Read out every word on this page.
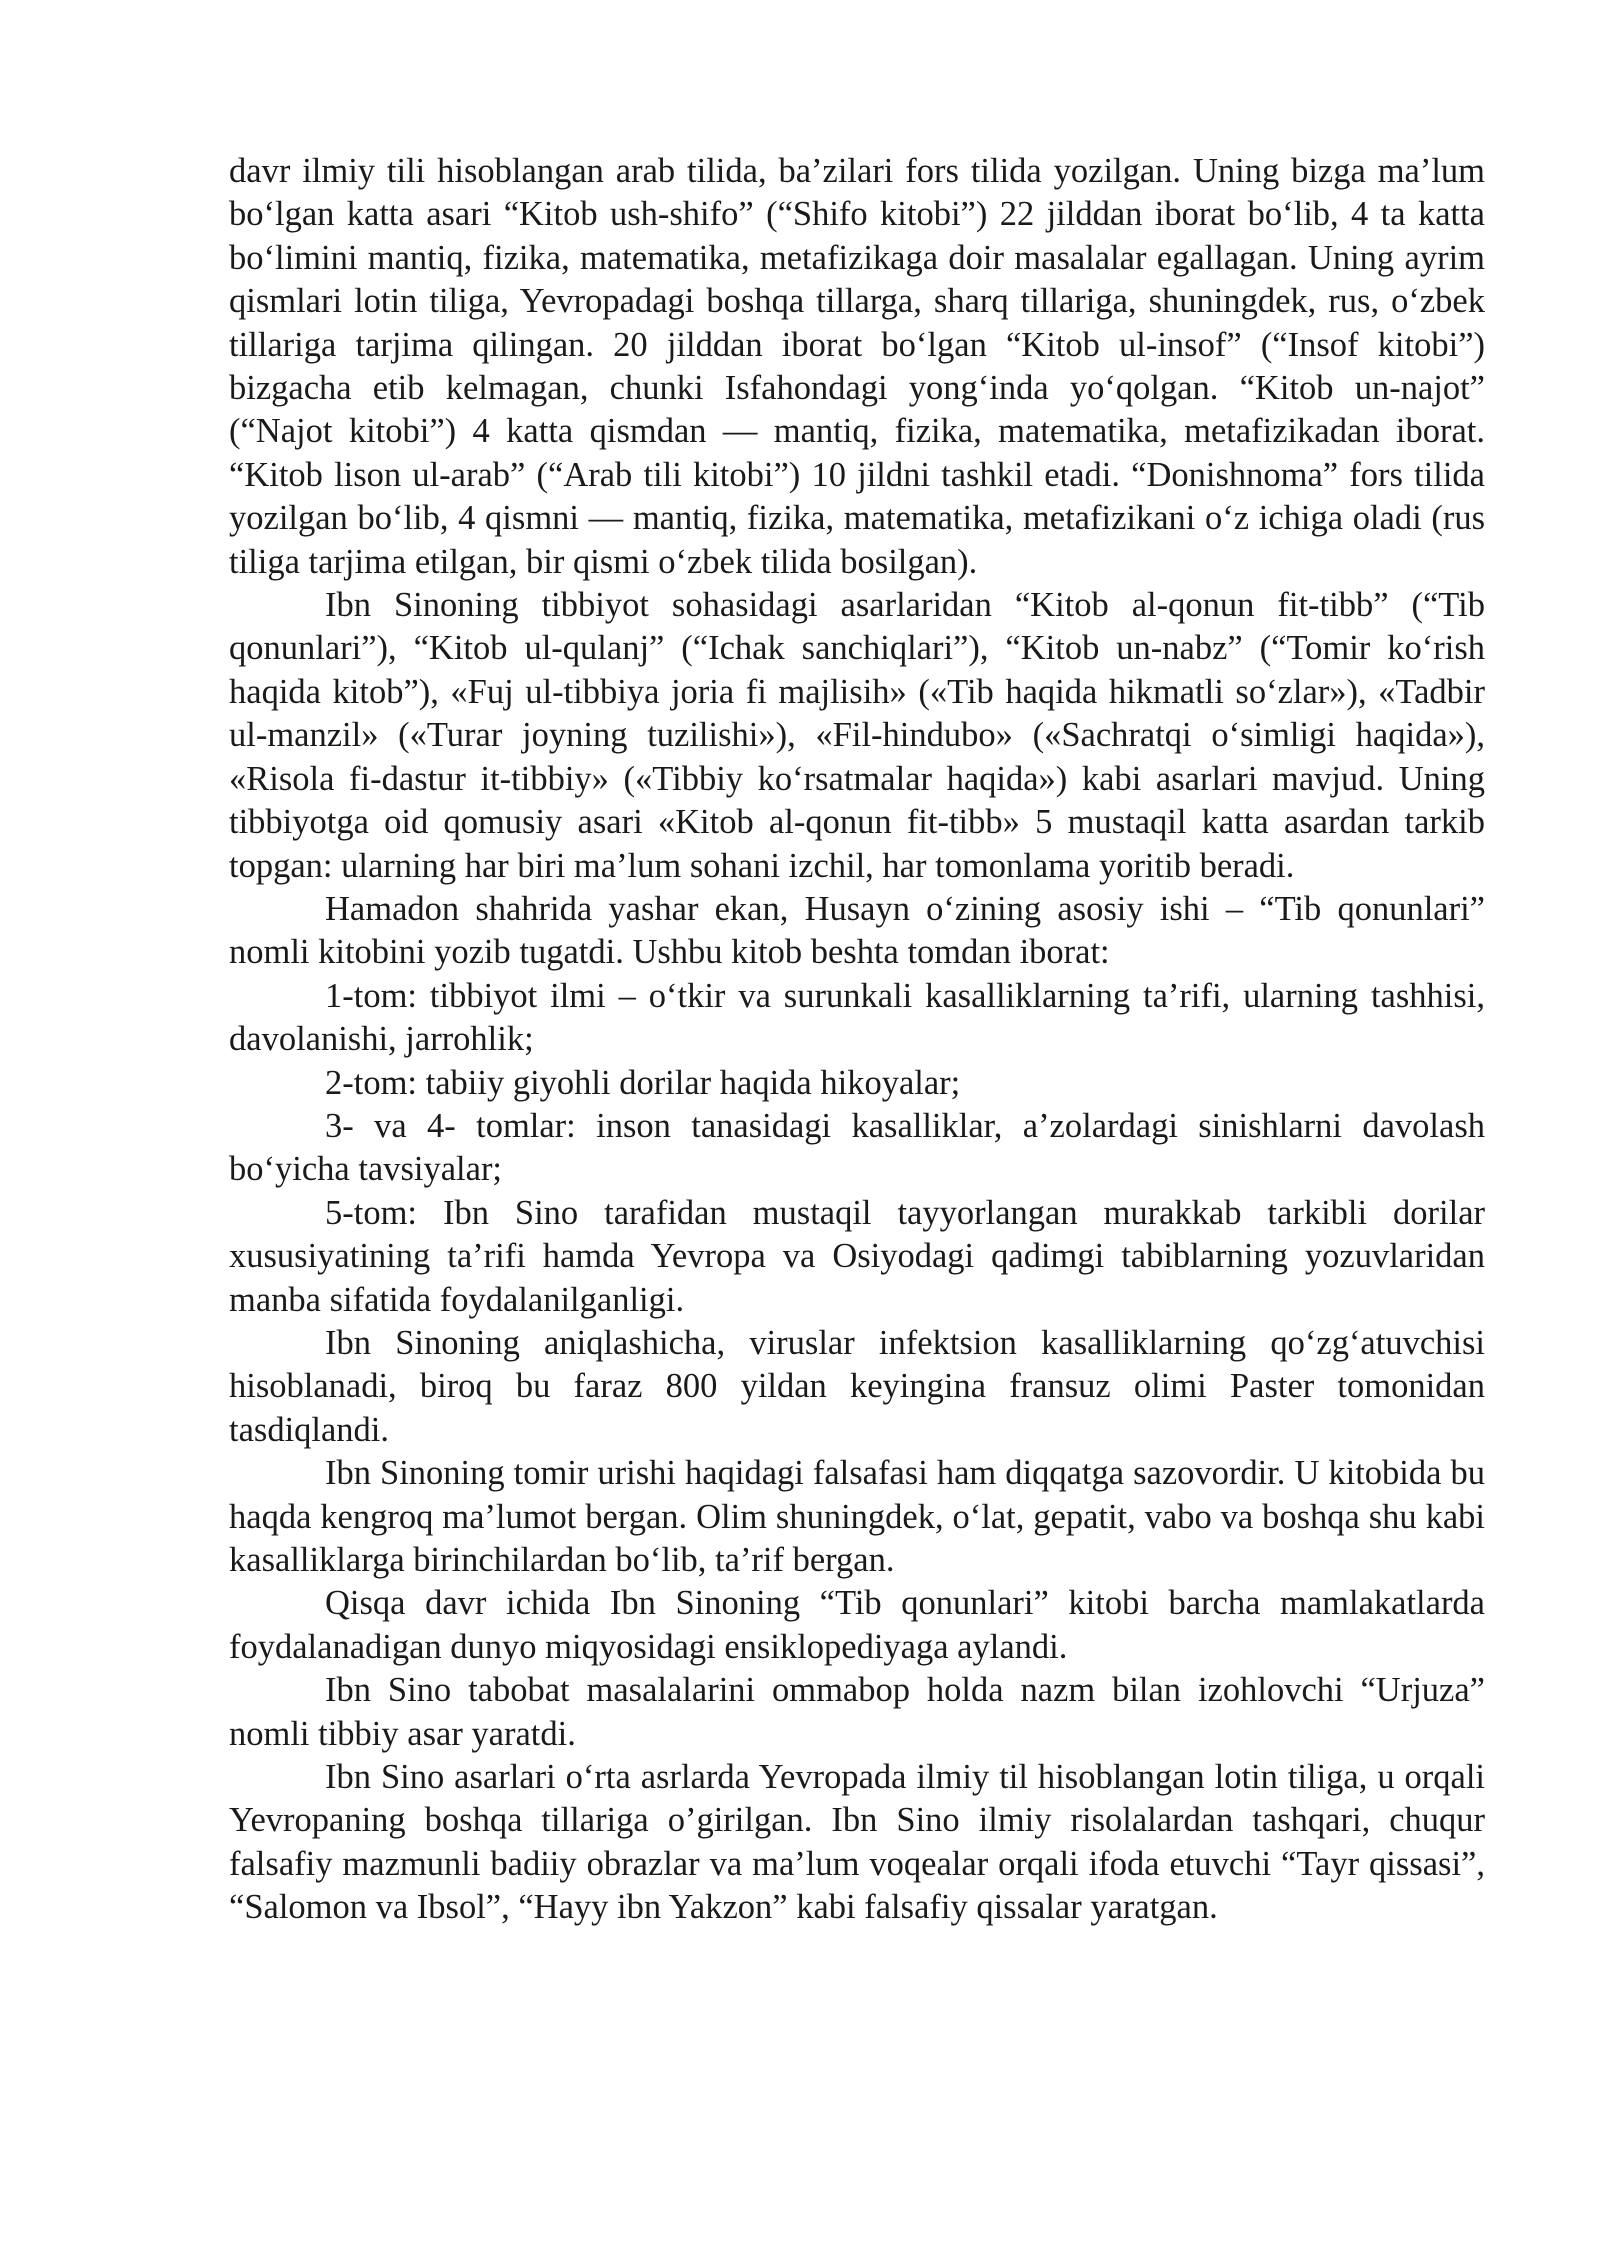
davr ilmiy tili hisoblangan arab tilida, ba’zilari fors tilida yozilgan. Uning bizga ma’lum bo‘lgan katta asari “Kitob ush-shifo” (“Shifo kitobi”) 22 jilddan iborat bo‘lib, 4 ta katta bo‘limini mantiq, fizika, matematika, metafizikaga doir masalalar egallagan. Uning ayrim qismlari lotin tiliga, Yevropadagi boshqa tillarga, sharq tillariga, shuningdek, rus, o‘zbek tillariga tarjima qilingan. 20 jilddan iborat bo‘lgan “Kitob ul-insof” (“Insof kitobi”) bizgacha etib kelmagan, chunki Isfahondagi yong‘inda yo‘qolgan. “Kitob un-najot” (“Najot kitobi”) 4 katta qismdan — mantiq, fizika, matematika, metafizikadan iborat. “Kitob lison ul-arab” (“Arab tili kitobi”) 10 jildni tashkil etadi. “Donishnoma” fors tilida yozilgan bo‘lib, 4 qismni — mantiq, fizika, matematika, metafizikani o‘z ichiga oladi (rus tiliga tarjima etilgan, bir qismi o‘zbek tilida bosilgan).

Ibn Sinoning tibbiyot sohasidagi asarlaridan “Kitob al-qonun fit-tibb” (“Tib qonunlari”), “Kitob ul-qulanj” (“Ichak sanchiqlari”), “Kitob un-nabz” (“Tomir ko‘rish haqida kitob”), «Fuj ul-tibbiya joria fi majlisih» («Tib haqida hikmatli so‘zlar»), «Tadbir ul-manzil» («Turar joyning tuzilishi»), «Fil-hindubo» («Sachratqi o‘simligi haqida»), «Risola fi-dastur it-tibbiy» («Tibbiy ko‘rsatmalar haqida») kabi asarlari mavjud. Uning tibbiyotga oid qomusiy asari «Kitob al-qonun fit-tibb» 5 mustaqil katta asardan tarkib topgan: ularning har biri ma’lum sohani izchil, har tomonlama yoritib beradi.

Hamadon shahrida yashar ekan, Husayn o‘zining asosiy ishi – “Tib qonunlari” nomli kitobini yozib tugatdi. Ushbu kitob beshta tomdan iborat:

1-tom: tibbiyot ilmi – o‘tkir va surunkali kasalliklarning ta’rifi, ularning tashhisi, davolanishi, jarrohlik;

2-tom: tabiiy giyohli dorilar haqida hikoyalar;

3- va 4- tomlar: inson tanasidagi kasalliklar, a’zolardagi sinishlarni davolash bo‘yicha tavsiyalar;

5-tom: Ibn Sino tarafidan mustaqil tayyorlangan murakkab tarkibli dorilar xususiyatining ta’rifi hamda Yevropa va Osiyodagi qadimgi tabiblarning yozuvlaridan manba sifatida foydalanilganligi.

Ibn Sinoning aniqlashicha, viruslar infektsion kasalliklarning qo‘zg‘atuvchisi hisoblanadi, biroq bu faraz 800 yildan keyingina fransuz olimi Paster tomonidan tasdiqlandi.

Ibn Sinoning tomir urishi haqidagi falsafasi ham diqqatga sazovordir. U kitobida bu haqda kengroq ma’lumot bergan. Olim shuningdek, o‘lat, gepatit, vabo va boshqa shu kabi kasalliklarga birinchilardan bo‘lib, ta’rif bergan.

Qisqa davr ichida Ibn Sinoning “Tib qonunlari” kitobi barcha mamlakatlarda foydalanadigan dunyo miqyosidagi ensiklopediyaga aylandi.

Ibn Sino tabobat masalalarini ommabop holda nazm bilan izohlovchi “Urjuza” nomli tibbiy asar yaratdi.

Ibn Sino asarlari o‘rta asrlarda Yevropada ilmiy til hisoblangan lotin tiliga, u orqali Yevropaning boshqa tillariga o’girilgan. Ibn Sino ilmiy risolalardan tashqari, chuqur falsafiy mazmunli badiiy obrazlar va ma’lum voqealar orqali ifoda etuvchi “Tayr qissasi”, “Salomon va Ibsol”, “Hayy ibn Yakzon” kabi falsafiy qissalar yaratgan.
